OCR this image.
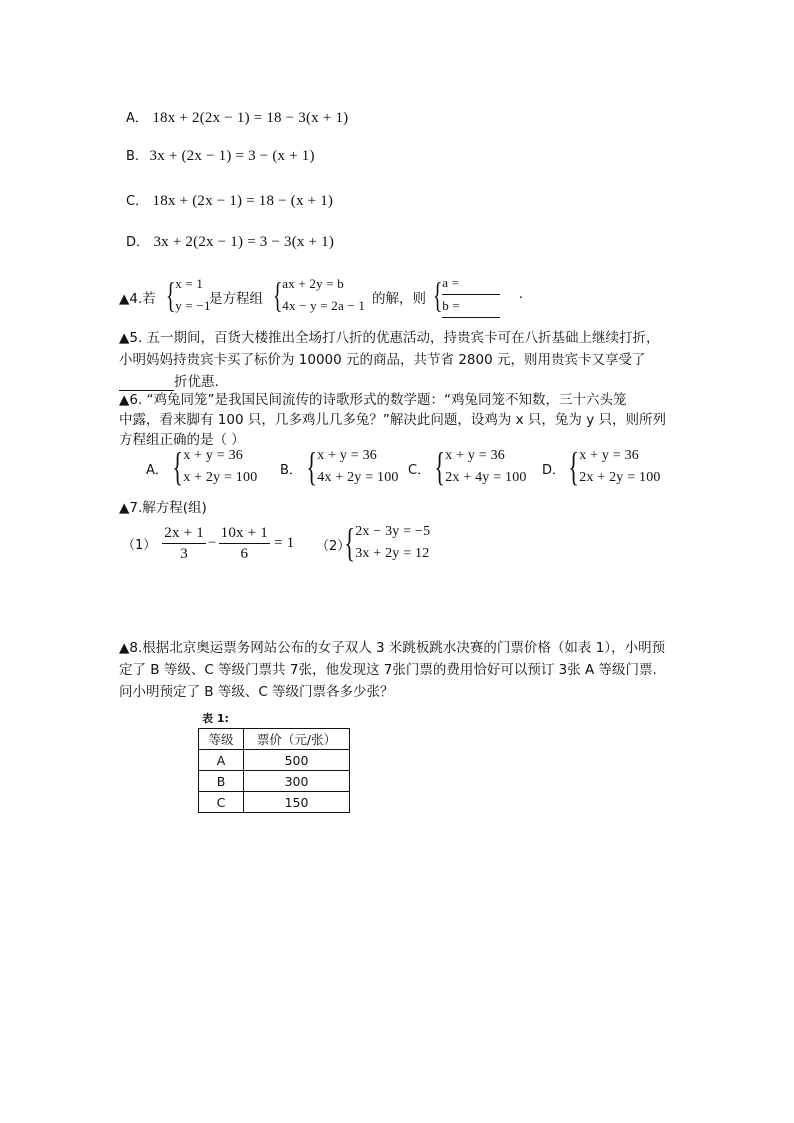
A． 18x + 2(2x − 1) = 18 − 3(x + 1)
B. 3x + (2x − 1) = 3 − (x + 1)
C． 18x + (2x − 1) = 18 − (x + 1)
D． 3x + 2(2x − 1) = 3 − 3(x + 1)
▲4.若 { x = 1
y = −1
是方程组 { ax + 2y = b
4x − y = 2a − 1 的解，则 { a =
b =
.
▲5. 五一期间，百货大楼推出全场打八折的优惠活动，持贵宾卡可在八折基础上继续打折，
小明妈妈持贵宾卡买了标价为 10000 元的商品，共节省 2800 元，则用贵宾卡又享受了
折优惠.
▲6. “鸡兔同笼”是我国民间流传的诗歌形式的数学题：“鸡兔同笼不知数，三十六头笼
中露，看来脚有 100 只，几多鸡儿几多兔？”解决此问题，设鸡为 x 只，兔为 y 只，则所列
方程组正确的是（ ）
A． { x + y = 36
x + 2y = 100 B． { x + y = 36
4x + 2y = 100 C． { x + y = 36
2x + 4y = 100 D． { x + y = 36
2x + 2y = 100
▲7.解方程(组)
$(1) \frac{2x + 1}{3} - \frac{10x + 1}{6} = 1$ （2）
{ 2x − 3y = −5
3x + 2y = 12
▲8.根据北京奥运票务网站公布的女子双人 3 米跳板跳水决赛的门票价格（如表 1），小明预
定了 B 等级、C 等级门票共 7张，他发现这 7张门票的费用恰好可以预订 3张 A 等级门票.
问小明预定了 B 等级、C 等级门票各多少张？
表 1:
等级	票价（元/张）
A	500
B	300
C	150
